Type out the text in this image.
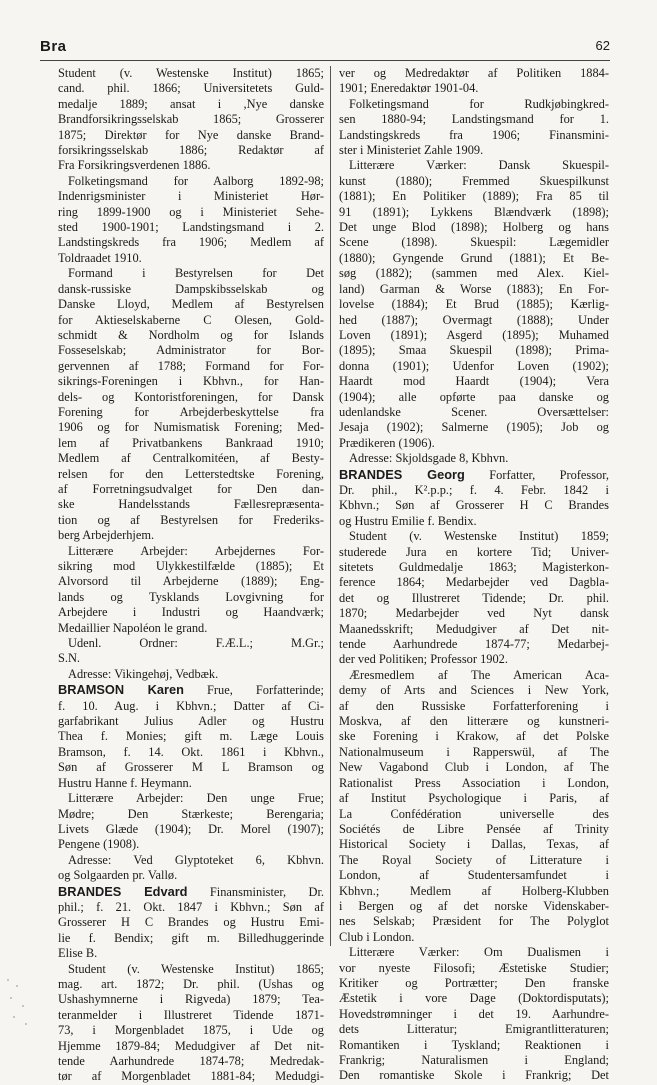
Bra	62
Student (v. Westenske Institut) 1865;
cand. phil. 1866; Universitetets Guld-
medalje 1889; ansat i ,Nye danske
Brandforsikringsselskab 1865; Grosserer
1875; Direktør for Nye danske Brand-
forsikringsselskab 1886; Redaktør af
Fra Forsikringsverdenen 1886.
Folketingsmand for Aalborg 1892-98;
Indenrigsminister i Ministeriet Hør-
ring 1899-1900 og i Ministeriet Sehe-
sted 1900-1901; Landstingsmand i 2.
Landstingskreds fra 1906; Medlem af
Toldraadet 1910.
Formand i Bestyrelsen for Det
dansk-russiske Dampskibsselskab og
Danske Lloyd, Medlem af Bestyrelsen
for Aktieselskaberne C Olesen, Gold-
schmidt & Nordholm og for Islands
Fosseselskab; Administrator for Bor-
gervennen af 1788; Formand for For-
sikrings-Foreningen i Kbhvn., for Han-
dels- og Kontoristforeningen, for Dansk
Forening for Arbejderbeskyttelse fra
1906 og for Numismatisk Forening; Med-
lem af Privatbankens Bankraad 1910;
Medlem af Centralkomitéen, af Besty-
relsen for den Letterstedtske Forening,
af Forretningsudvalget for Den dan-
ske Handelsstands Fællesrepræsenta-
tion og af Bestyrelsen for Frederiks-
berg Arbejderhjem.
Litterære Arbejder: Arbejdernes For-
sikring mod Ulykkestilfælde (1885); Et
Alvorsord til Arbejderne (1889); Eng-
lands og Tysklands Lovgivning for
Arbejdere i Industri og Haandværk;
Medaillier Napoléon le grand.
Udenl. Ordner: F.Æ.L.; M.Gr.;
S.N.
Adresse: Vikingehøj, Vedbæk.
BRAMSON Karen Frue, Forfatterinde;
f. 10. Aug. i Kbhvn.; Datter af Ci-
garfabrikant Julius Adler og Hustru
Thea f. Monies; gift m. Læge Louis
Bramson, f. 14. Okt. 1861 i Kbhvn.,
Søn af Grosserer M L Bramson og
Hustru Hanne f. Heymann.
Litterære Arbejder: Den unge Frue;
Mødre; Den Stærkeste; Berengaria;
Livets Glæde (1904); Dr. Morel (1907);
Pengene (1908).
Adresse: Ved Glyptoteket 6, Kbhvn.
og Solgaarden pr. Vallø.
BRANDES Edvard Finansminister, Dr.
phil.; f. 21. Okt. 1847 i Kbhvn.; Søn af
Grosserer H C Brandes og Hustru Emi-
lie f. Bendix; gift m. Billedhuggerinde
Elise B.
Student (v. Westenske Institut) 1865;
mag. art. 1872; Dr. phil. (Ushas og
Ushashymnerne i Rigveda) 1879; Tea-
teranmelder i Illustreret Tidende 1871-
73, i Morgenbladet 1875, i Ude og
Hjemme 1879-84; Medudgiver af Det nit-
tende Aarhundrede 1874-78; Medredak-
tør af Morgenbladet 1881-84; Medudgi-
ver og Medredaktør af Politiken 1884-
1901; Eneredaktør 1901-04.
Folketingsmand for Rudkjøbingkred-
sen 1880-94; Landstingsmand for 1.
Landstingskreds fra 1906; Finansmini-
ster i Ministeriet Zahle 1909.
Litterære Værker: Dansk Skuespil-
kunst (1880); Fremmed Skuespilkunst
(1881); En Politiker (1889); Fra 85 til
91 (1891); Lykkens Blændværk (1898);
Det unge Blod (1898); Holberg og hans
Scene (1898). Skuespil: Lægemidler
(1880); Gyngende Grund (1881); Et Be-
søg (1882); (sammen med Alex. Kiel-
land) Garman & Worse (1883); En For-
lovelse (1884); Et Brud (1885); Kærlig-
hed (1887); Overmagt (1888); Under
Loven (1891); Asgerd (1895); Muhamed
(1895); Smaa Skuespil (1898); Prima-
donna (1901); Udenfor Loven (1902);
Haardt mod Haardt (1904); Vera
(1904); alle opførte paa danske og
udenlandske Scener. Oversættelser:
Jesaja (1902); Salmerne (1905); Job og
Prædikeren (1906).
Adresse: Skjoldsgade 8, Kbhvn.
BRANDES Georg Forfatter, Professor,
Dr. phil., K².p.p.; f. 4. Febr. 1842 i
Kbhvn.; Søn af Grosserer H C Brandes
og Hustru Emilie f. Bendix.
Student (v. Westenske Institut) 1859;
studerede Jura en kortere Tid; Univer-
sitetets Guldmedalje 1863; Magisterkon-
ference 1864; Medarbejder ved Dagbla-
det og Illustreret Tidende; Dr. phil.
1870; Medarbejder ved Nyt dansk
Maanedsskrift; Medudgiver af Det nit-
tende Aarhundrede 1874-77; Medarbej-
der ved Politiken; Professor 1902.
Æresmedlem af The American Aca-
demy of Arts and Sciences i New York,
af den Russiske Forfatterforening i
Moskva, af den litterære og kunstneri-
ske Forening i Krakow, af det Polske
Nationalmuseum i Rapperswül, af The
New Vagabond Club i London, af The
Rationalist Press Association i London,
af Institut Psychologique i Paris, af
La Confédération universelle des
Sociétés de Libre Pensée af Trinity
Historical Society i Dallas, Texas, af
The Royal Society of Litterature i
London, af Studentersamfundet i
Kbhvn.; Medlem af Holberg-Klubben
i Bergen og af det norske Videnskaber-
nes Selskab; Præsident for The Polyglot
Club i London.
Litterære Værker: Om Dualismen i
vor nyeste Filosofi; Æstetiske Studier;
Kritiker og Portrætter; Den franske
Æstetik i vore Dage (Doktordisputats);
Hovedstrømninger i det 19. Aarhundre-
dets Litteratur; Emigrantlitteraturen;
Romantiken i Tyskland; Reaktionen i
Frankrig; Naturalismen i England;
Den romantiske Skole i Frankrig; Det
